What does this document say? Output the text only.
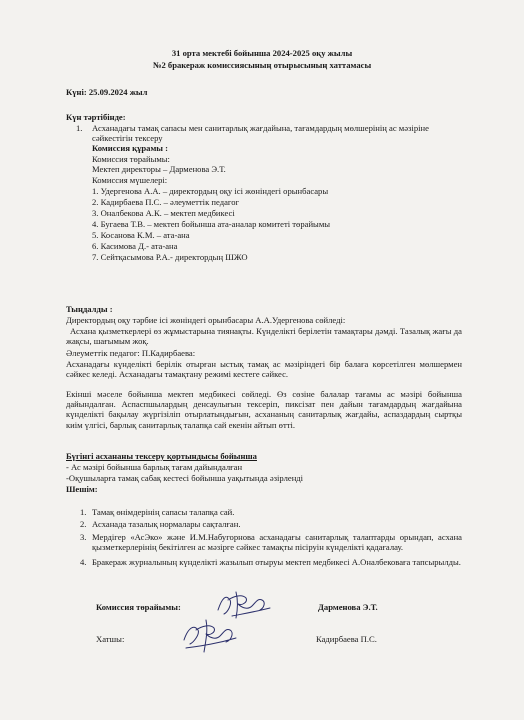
31 орта мектебі бойынша 2024-2025 оқу жылы
№2 бракераж комиссиясының отырысының хаттамасы
Күні: 25.09.2024 жыл
Күн тәртібінде:
1. Асханадағы тамақ сапасы мен санитарлық жағдайына, тағамдардың мөлшерінің ас мәзіріне
сәйкестігін тексеру
Комиссия құрамы :
Комиссия төрайымы:
Мектеп директоры – Дарменова Э.Т.
Комиссия мүшелері:
1. Удергенова А.А. – директордың оқу ісі жөніндегі орынбасары
2. Кадирбаева П.С. – әлеуметтік педагог
3. Оналбекова А.К. – мектеп медбикесі
4. Бугаева Т.В. – мектеп бойынша ата-аналар комитеті төрайымы
5. Косанова К.М. – ата-ана
6. Касимова Д.- ата-ана
7. Сейтқасымова Р.А.- директордың ШЖО
Тыңдалды :
Директордың оқу тәрбие ісі жөніндегі орынбасары А.А.Удергенова сөйледі:
Асхана қызметкерлері өз жұмыстарына тиянақты. Күнделікті берілетін тамақтары дәмді. Тазалық жағы да жақсы, шағымым жоқ.
Әлеуметтік педагог: П.Кадирбаева:
Асханадағы күнделікті берілік отырған ыстық тамақ ас мәзіріндегі бір балаға көрсетілген мөлшермен сәйкес келеді. Асханадағы тамақтану режимі кестеге сәйкес.
Екінші мәселе бойынша мектеп медбикесі сөйледі. Өз сөзіне балалар тағамы ас мәзірі бойынша дайындалған. Аспаспшылардың денсаулығын тексеріп, пиксізат пен дайын тағамдардың жағдайына күнделікті бақылау жүргізіліп отырлатындығын, асхананың санитарлық жағдайы, аспаздардың сыртқы киім үлгісі, барлық санитарлық талапқа сай екенін айтып өтті.
Бүгінгі асхананы тексеру қортындысы бойынша
- Ас мәзірі бойынша барлық тағам дайындалған
-Оқушыларға тамақ сабақ кестесі бойынша уақытында әзірленді
Шешім:
1. Тамақ өнімдерінің сапасы талапқа сай.
2. Асханада тазалық нормалары сақталған.
3. Мердігер «АсЭко» және И.М.Набугорнова асханадағы санитарлық талаптарды орындап, асхана қызметкерлерінің бекітілген ас мәзірге сәйкес тамақты пісіруін күнделікті қадағалау.
4. Бракераж журналының күнделікті жазылып отыруы мектеп медбикесі А.Оналбековаға тапсырылды.
Комиссия төрайымы:	Дарменова Э.Т.
Хатшы:	Кадирбаева П.С.
